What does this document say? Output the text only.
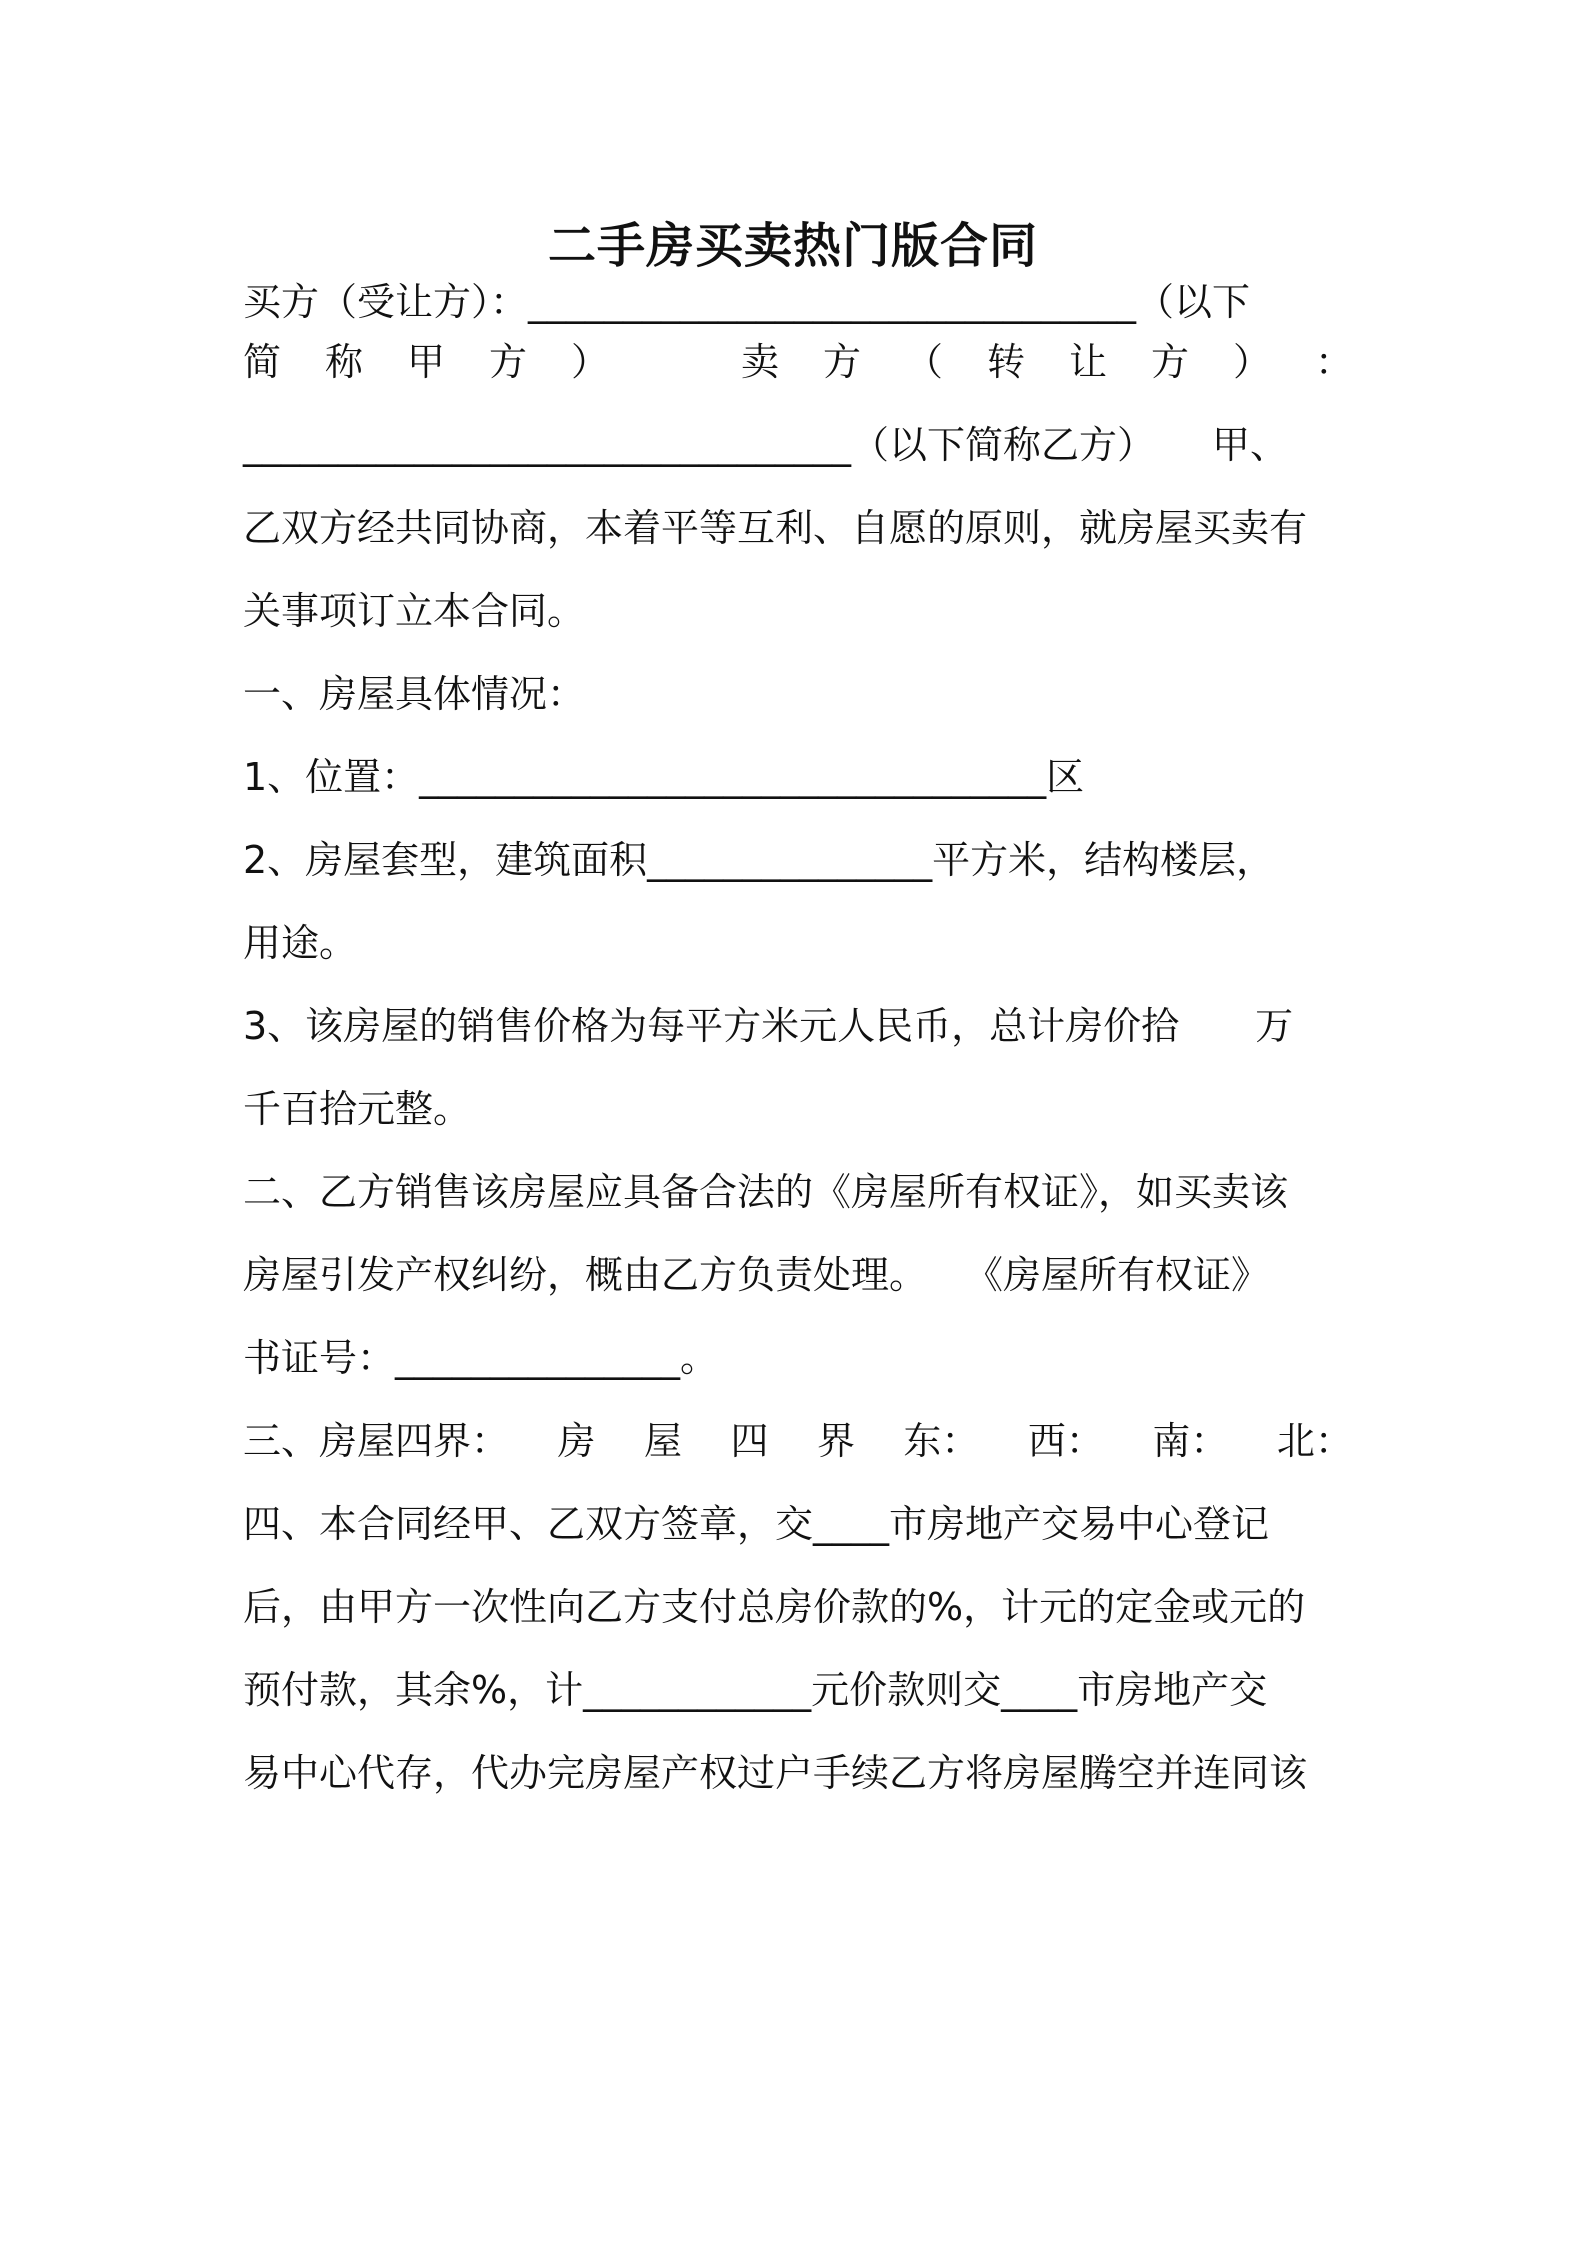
二手房买卖热门版合同
买方（受让方）：________________________________（以下
简 称 甲 方 ）	卖 方 （ 转 让 方 ） ：
________________________________（以下简称乙方）　　甲、
乙双方经共同协商，本着平等互利、自愿的原则，就房屋买卖有
关事项订立本合同。
一、房屋具体情况：
1、位置：_________________________________区
2、房屋套型，建筑面积_______________平方米，结构楼层，
用途。
3、该房屋的销售价格为每平方米元人民币，总计房价拾　　万
千百拾元整。
二、乙方销售该房屋应具备合法的《房屋所有权证》，如买卖该
房屋引发产权纠纷，概由乙方负责处理。　　《房屋所有权证》
书证号：_______________。
三、房屋四界： 房 屋 四 界 东： 西： 南： 北：
四、本合同经甲、乙双方签章，交____市房地产交易中心登记
后，由甲方一次性向乙方支付总房价款的%，计元的定金或元的
预付款，其余%，计____________元价款则交____市房地产交
易中心代存，代办完房屋产权过户手续乙方将房屋腾空并连同该
